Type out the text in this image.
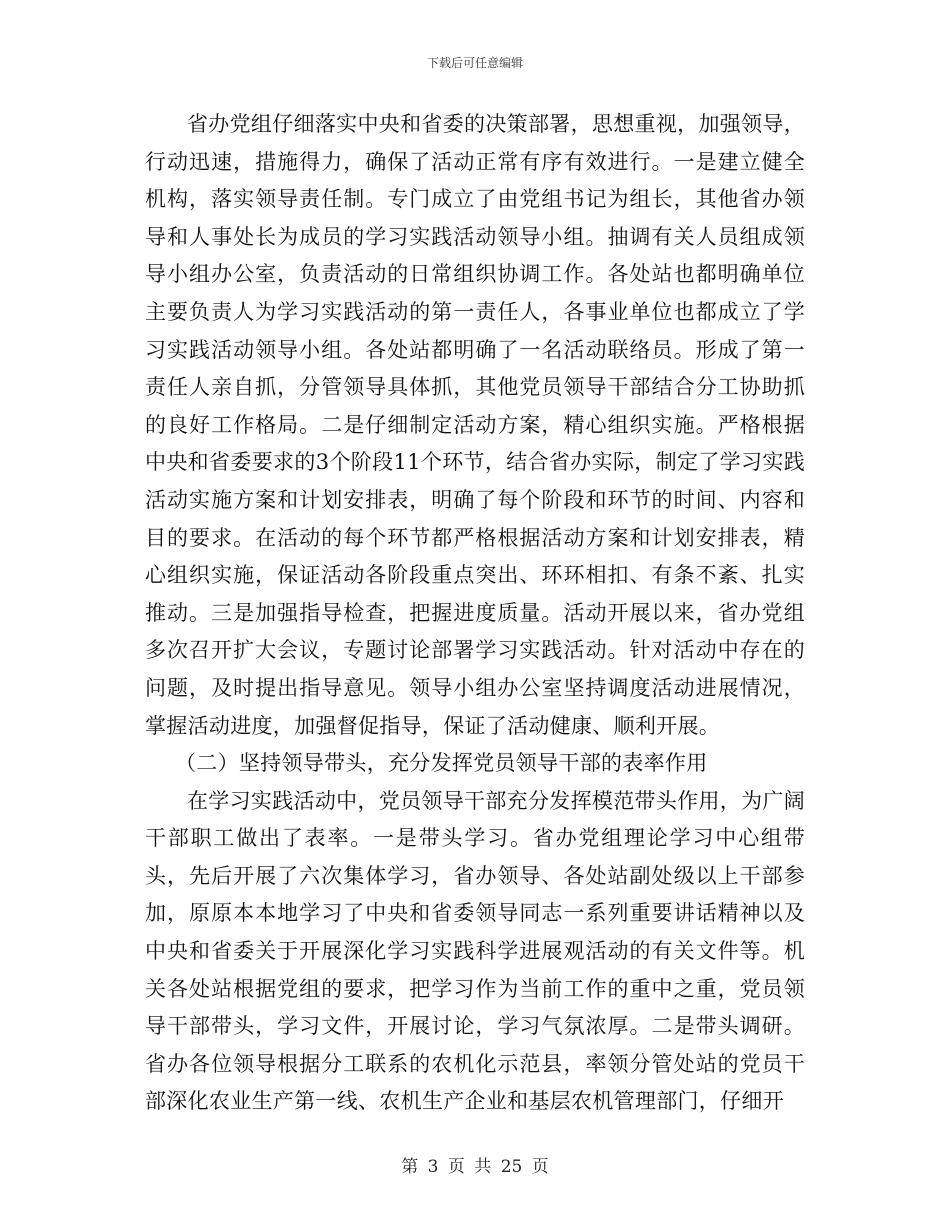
下载后可任意编辑

省办党组仔细落实中央和省委的决策部署，思想重视，加强领导，行动迅速，措施得力，确保了活动正常有序有效进行。一是建立健全机构，落实领导责任制。专门成立了由党组书记为组长，其他省办领导和人事处长为成员的学习实践活动领导小组。抽调有关人员组成领导小组办公室，负责活动的日常组织协调工作。各处站也都明确单位主要负责人为学习实践活动的第一责任人，各事业单位也都成立了学习实践活动领导小组。各处站都明确了一名活动联络员。形成了第一责任人亲自抓，分管领导具体抓，其他党员领导干部结合分工协助抓的良好工作格局。二是仔细制定活动方案，精心组织实施。严格根据中央和省委要求的3个阶段11个环节，结合省办实际，制定了学习实践活动实施方案和计划安排表，明确了每个阶段和环节的时间、内容和目的要求。在活动的每个环节都严格根据活动方案和计划安排表，精心组织实施，保证活动各阶段重点突出、环环相扣、有条不紊、扎实推动。三是加强指导检查，把握进度质量。活动开展以来，省办党组多次召开扩大会议，专题讨论部署学习实践活动。针对活动中存在的问题，及时提出指导意见。领导小组办公室坚持调度活动进展情况，掌握活动进度，加强督促指导，保证了活动健康、顺利开展。

（二）坚持领导带头，充分发挥党员领导干部的表率作用

在学习实践活动中，党员领导干部充分发挥模范带头作用，为广阔干部职工做出了表率。一是带头学习。省办党组理论学习中心组带头，先后开展了六次集体学习，省办领导、各处站副处级以上干部参加，原原本本地学习了中央和省委领导同志一系列重要讲话精神以及中央和省委关于开展深化学习实践科学进展观活动的有关文件等。机关各处站根据党组的要求，把学习作为当前工作的重中之重，党员领导干部带头，学习文件，开展讨论，学习气氛浓厚。二是带头调研。省办各位领导根据分工联系的农机化示范县，率领分管处站的党员干部深化农业生产第一线、农机生产企业和基层农机管理部门，仔细开

第 3 页 共 25 页
